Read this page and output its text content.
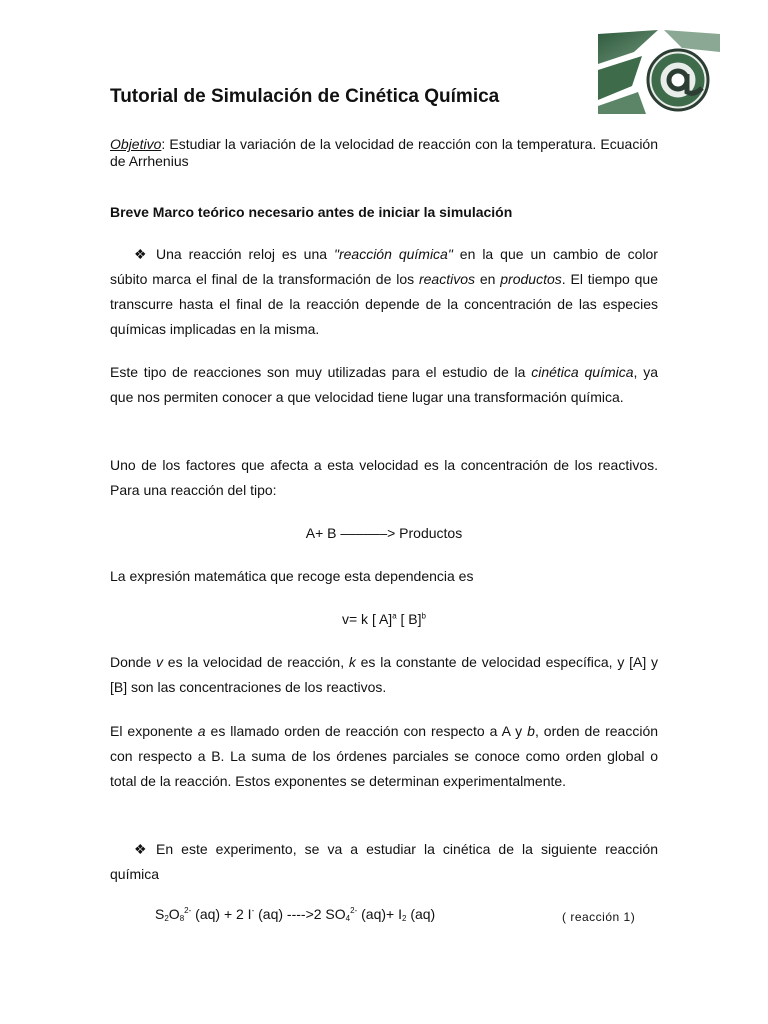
Tutorial de Simulación de Cinética Química
Objetivo: Estudiar la variación de la velocidad de reacción con la temperatura. Ecuación de Arrhenius
Breve Marco teórico necesario antes de iniciar la simulación
❖ Una reacción reloj es una "reacción química" en la que un cambio de color súbito marca el final de la transformación de los reactivos en productos. El tiempo que transcurre hasta el final de la reacción depende de la concentración de las especies químicas implicadas en la misma.
Este tipo de reacciones son muy utilizadas para el estudio de la cinética química, ya que nos permiten conocer a que velocidad tiene lugar una transformación química.
Uno de los factores que afecta a esta velocidad es la concentración de los reactivos. Para una reacción del tipo:
A+ B ––––––> Productos
La expresión matemática que recoge esta dependencia es
v= k [ A]$^a$ [ B]$^b$
Donde v es la velocidad de reacción, k es la constante de velocidad específica, y [A] y [B] son las concentraciones de los reactivos.
El exponente a es llamado orden de reacción con respecto a A y b, orden de reacción con respecto a B. La suma de los órdenes parciales se conoce como orden global o total de la reacción. Estos exponentes se determinan experimentalmente.
❖ En este experimento, se va a estudiar la cinética de la siguiente reacción química
$S_2O_8^{2-}$ (aq) + 2 I- (aq) ---->2 $SO_4^{2-}$ $(aq)+ I_2$ (aq)	( reacción 1)
